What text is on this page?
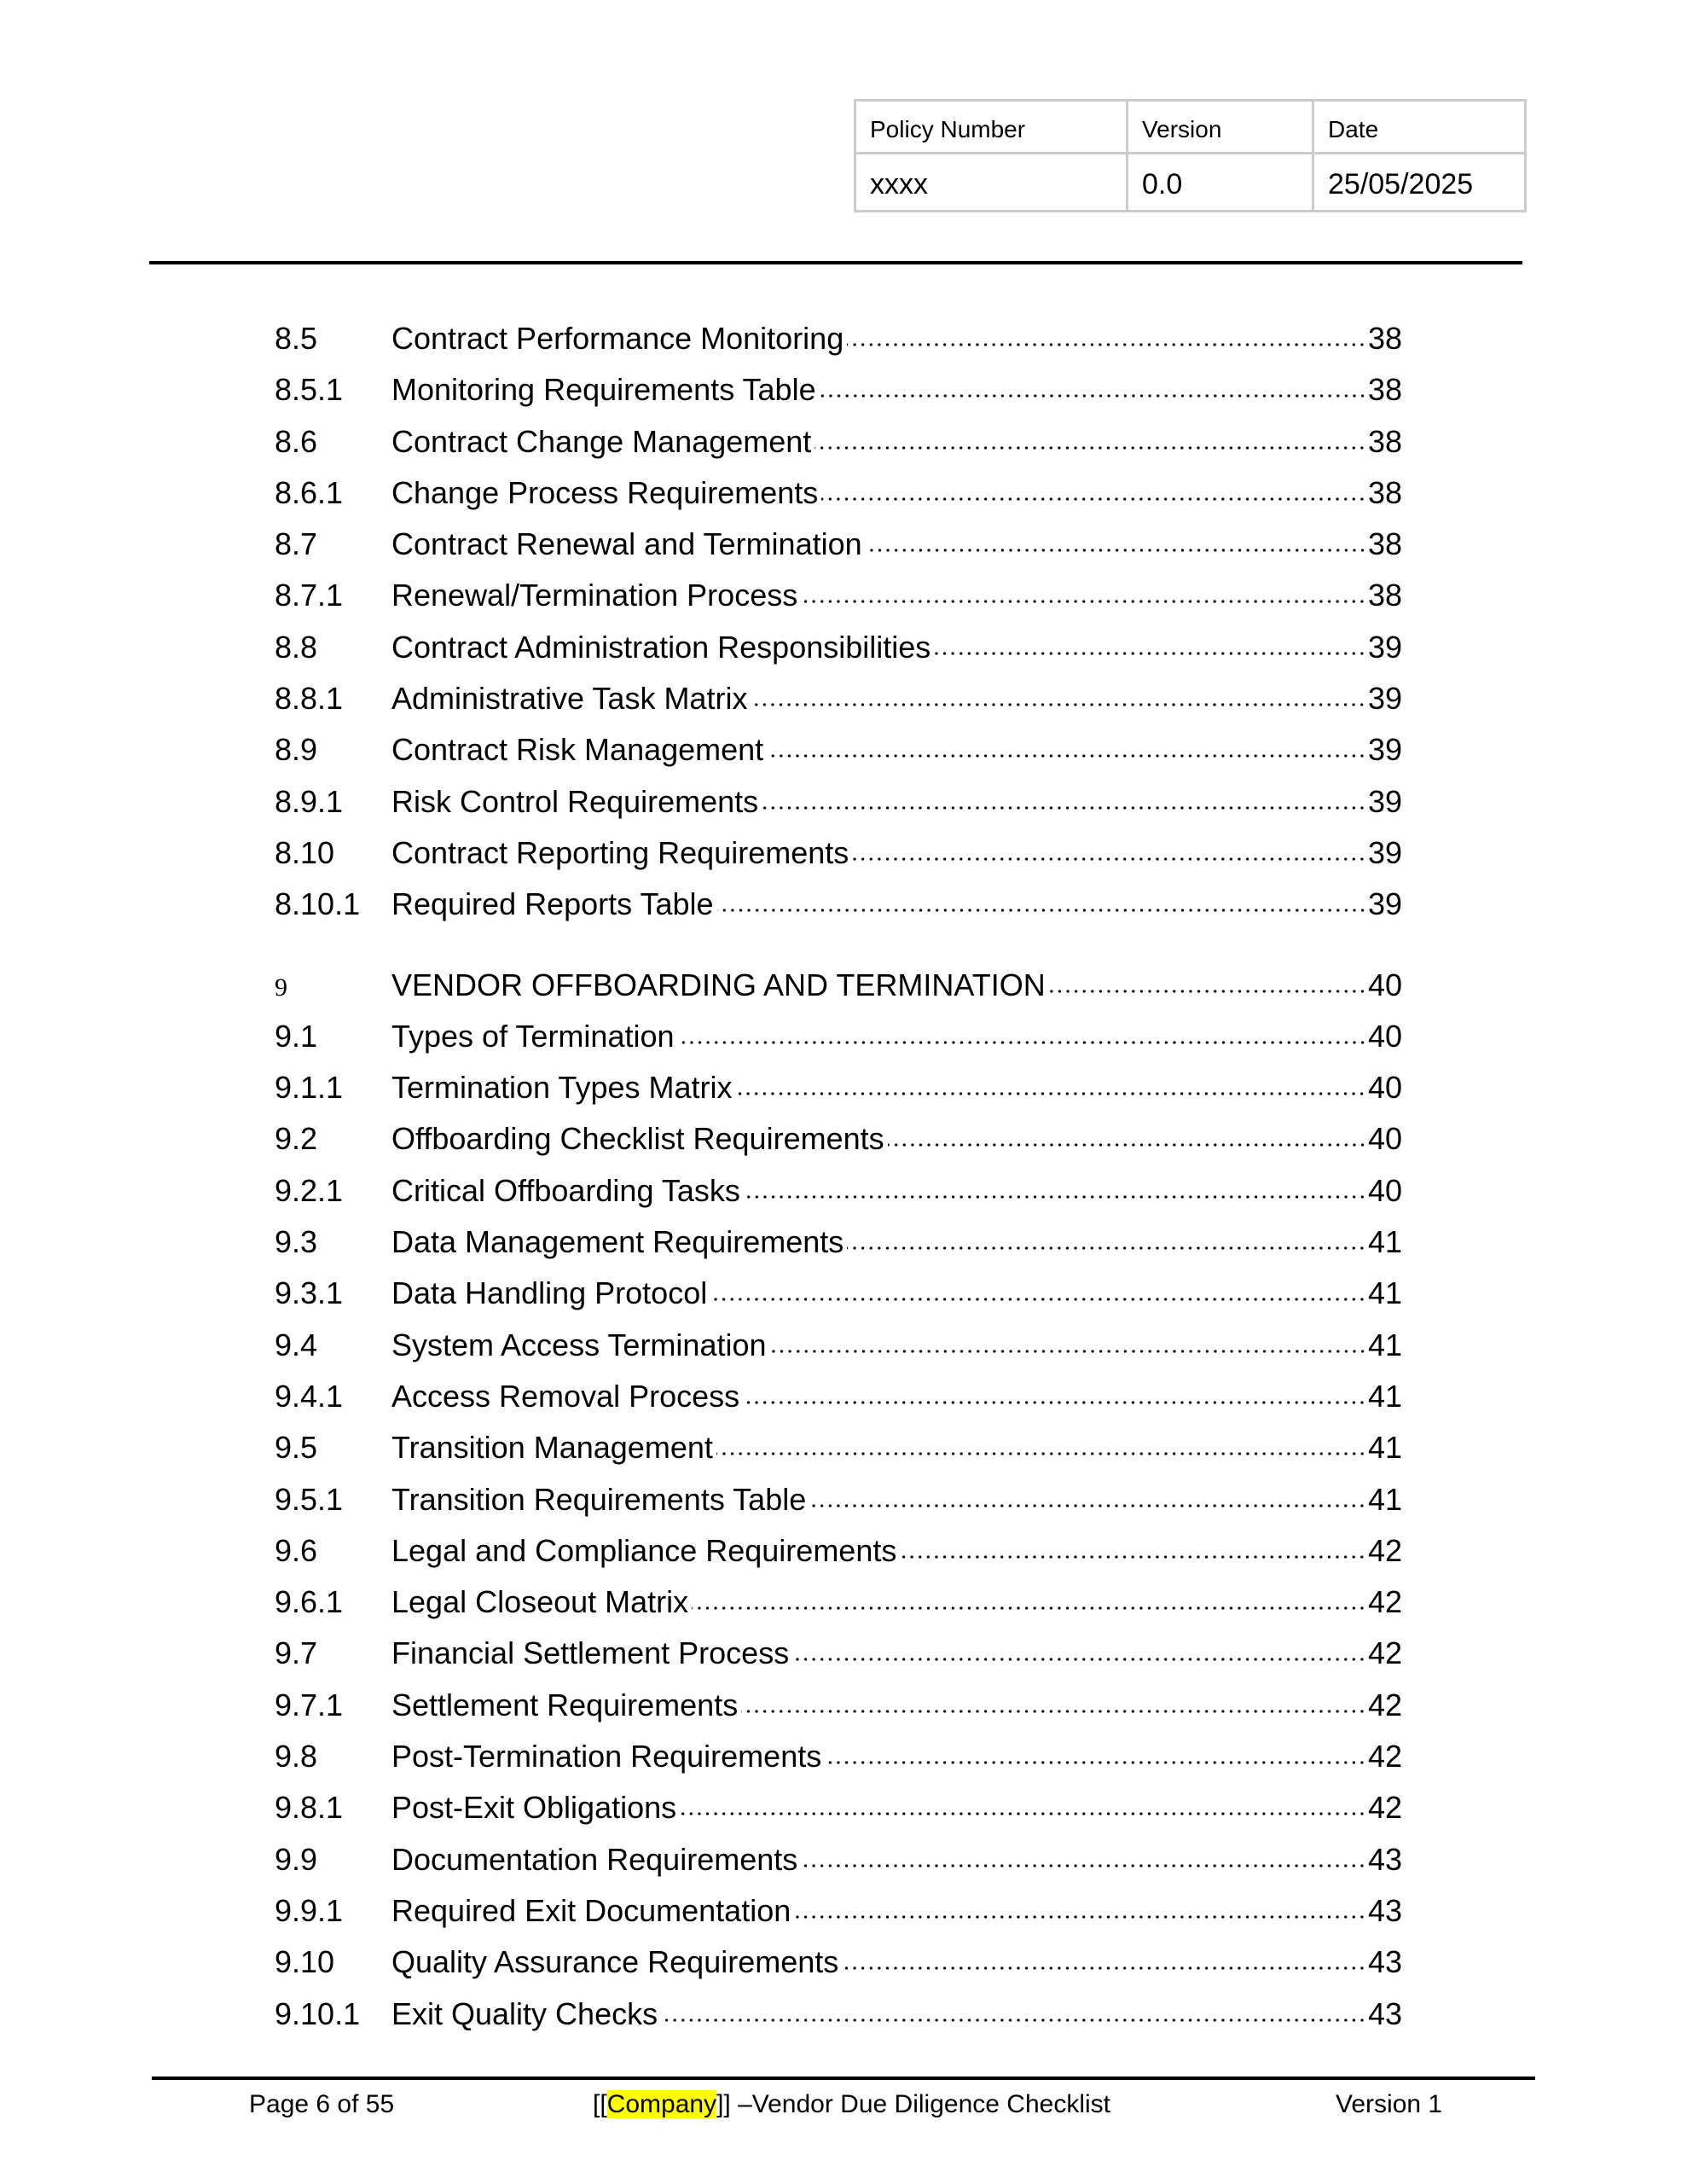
Policy Number	Version	Date
xxxx	0.0	25/05/2025
8.5	Contract Performance Monitoring	38
8.5.1	Monitoring Requirements Table	38
8.6	Contract Change Management	38
8.6.1	Change Process Requirements	38
8.7	Contract Renewal and Termination	38
8.7.1	Renewal/Termination Process	38
8.8	Contract Administration Responsibilities	39
8.8.1	Administrative Task Matrix	39
8.9	Contract Risk Management	39
8.9.1	Risk Control Requirements	39
8.10	Contract Reporting Requirements	39
8.10.1	Required Reports Table	39
9	VENDOR OFFBOARDING AND TERMINATION	40
9.1	Types of Termination	40
9.1.1	Termination Types Matrix	40
9.2	Offboarding Checklist Requirements	40
9.2.1	Critical Offboarding Tasks	40
9.3	Data Management Requirements	41
9.3.1	Data Handling Protocol	41
9.4	System Access Termination	41
9.4.1	Access Removal Process	41
9.5	Transition Management	41
9.5.1	Transition Requirements Table	41
9.6	Legal and Compliance Requirements	42
9.6.1	Legal Closeout Matrix	42
9.7	Financial Settlement Process	42
9.7.1	Settlement Requirements	42
9.8	Post-Termination Requirements	42
9.8.1	Post-Exit Obligations	42
9.9	Documentation Requirements	43
9.9.1	Required Exit Documentation	43
9.10	Quality Assurance Requirements	43
9.10.1	Exit Quality Checks	43
Page 6 of 55	[[Company]] –Vendor Due Diligence Checklist	Version 1
